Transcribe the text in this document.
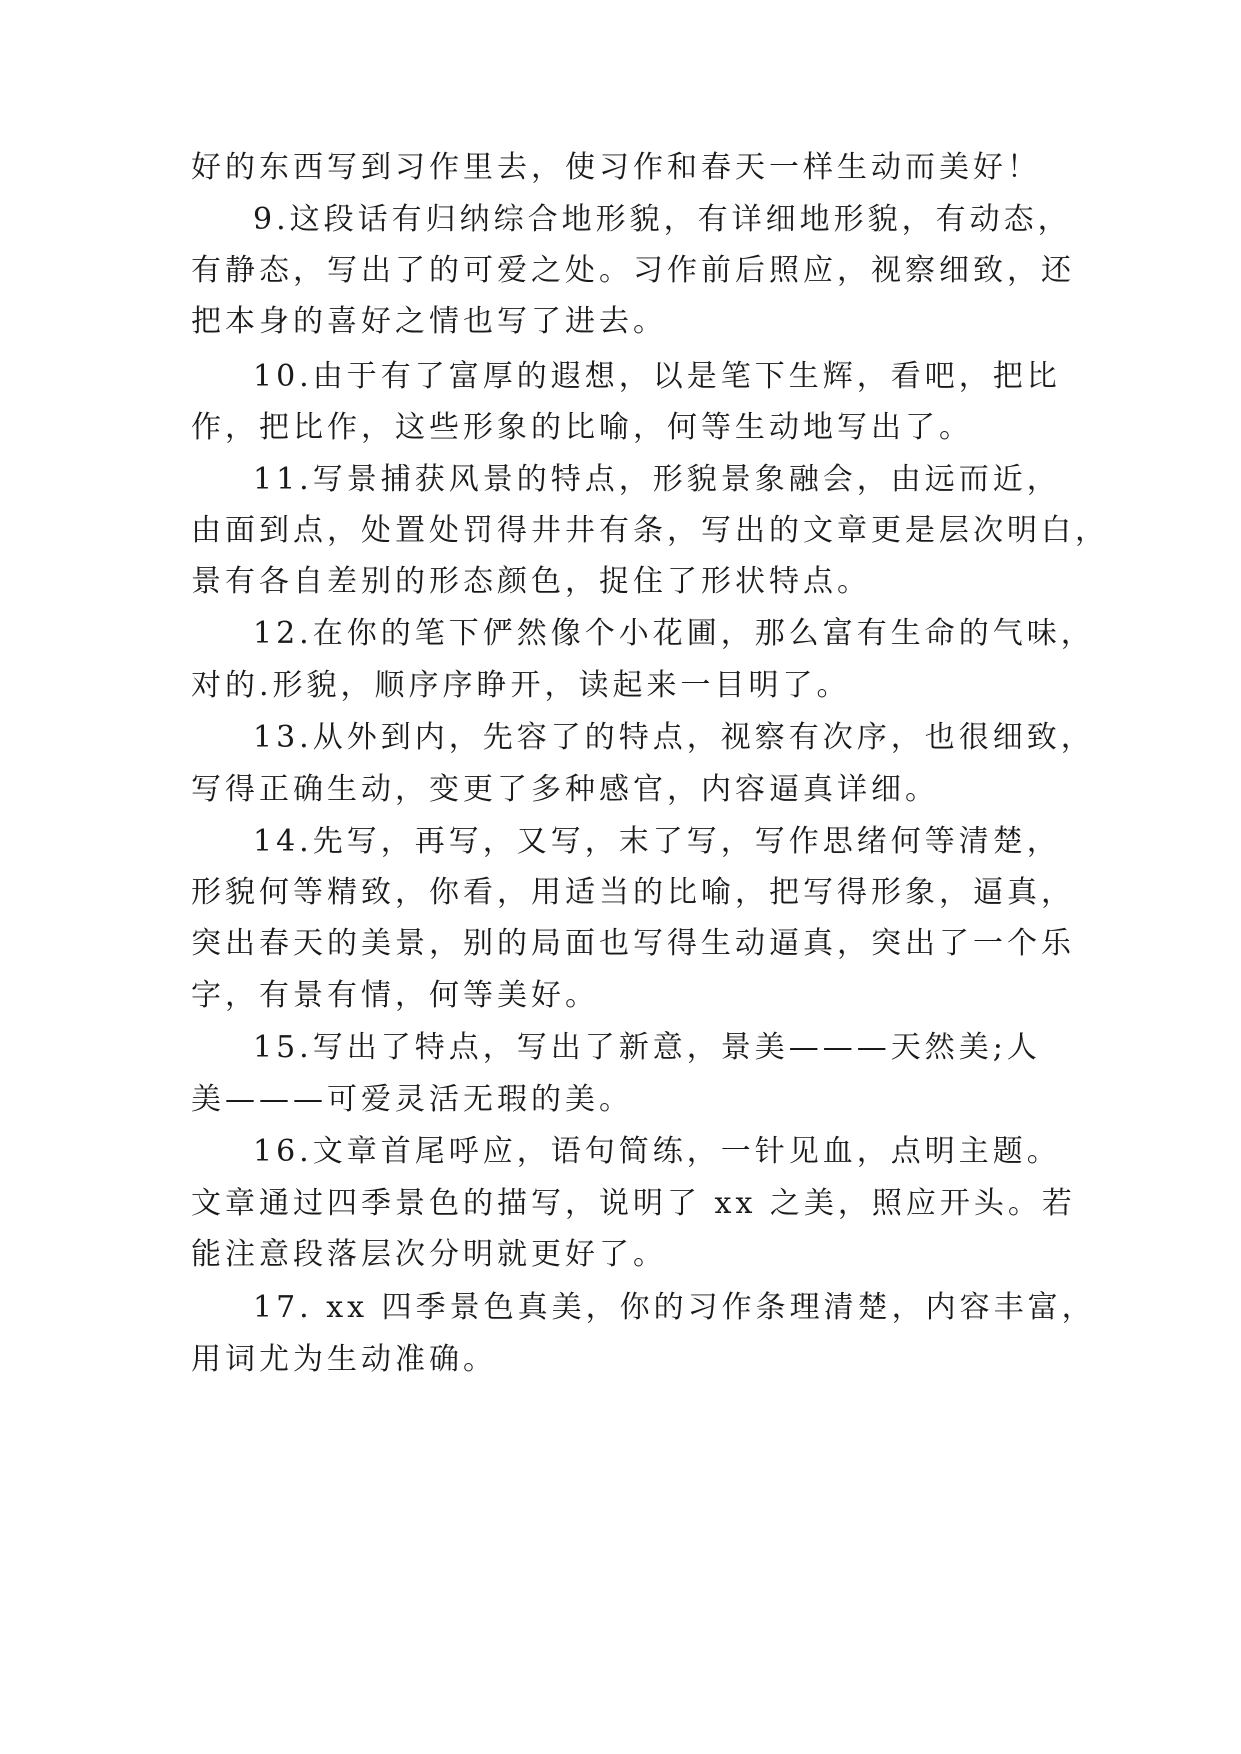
好的东西写到习作里去，使习作和春天一样生动而美好！
9.这段话有归纳综合地形貌，有详细地形貌，有动态，
有静态，写出了的可爱之处。习作前后照应，视察细致，还
把本身的喜好之情也写了进去。
10.由于有了富厚的遐想，以是笔下生辉，看吧，把比
作，把比作，这些形象的比喻，何等生动地写出了。
11.写景捕获风景的特点，形貌景象融会，由远而近，
由面到点，处置处罚得井井有条，写出的文章更是层次明白，
景有各自差别的形态颜色，捉住了形状特点。
12.在你的笔下俨然像个小花圃，那么富有生命的气味，
对的.形貌，顺序序睁开，读起来一目明了。
13.从外到内，先容了的特点，视察有次序，也很细致，
写得正确生动，变更了多种感官，内容逼真详细。
14.先写，再写，又写，末了写，写作思绪何等清楚，
形貌何等精致，你看，用适当的比喻，把写得形象，逼真，
突出春天的美景，别的局面也写得生动逼真，突出了一个乐
字，有景有情，何等美好。
15.写出了特点，写出了新意，景美———天然美;人
美———可爱灵活无瑕的美。
16.文章首尾呼应，语句简练，一针见血，点明主题。
文章通过四季景色的描写，说明了 xx 之美，照应开头。若
能注意段落层次分明就更好了。
17. xx 四季景色真美，你的习作条理清楚，内容丰富，
用词尤为生动准确。
